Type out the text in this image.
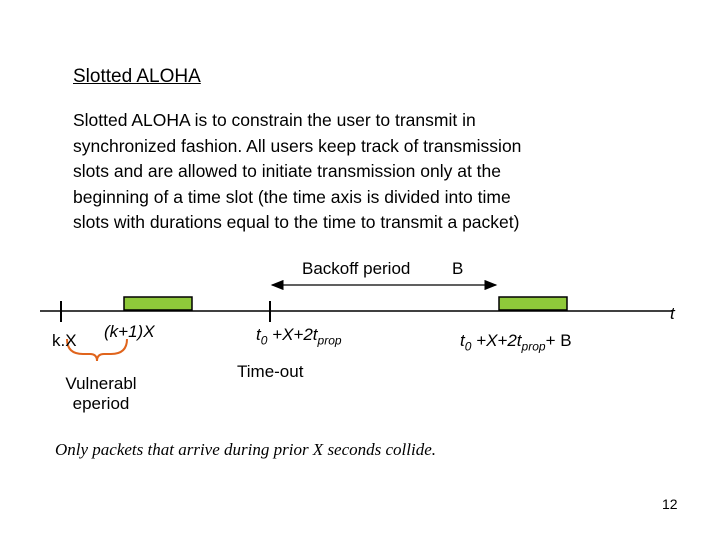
Slotted ALOHA
Slotted ALOHA is to constrain the user to transmit in
synchronized fashion. All users keep track of transmission
slots and are allowed to initiate transmission only at the
beginning of a time slot (the time axis is divided into time
slots with durations equal to the time to transmit a packet)
Backoff period B
t
k.X (k+1)X	$t_0 +X+2t_{prop}$	$t_0 +X+2t_{prop}+ B$
Time-out
Vulnerabl
eperiod
Only packets that arrive during prior X seconds collide.
12
